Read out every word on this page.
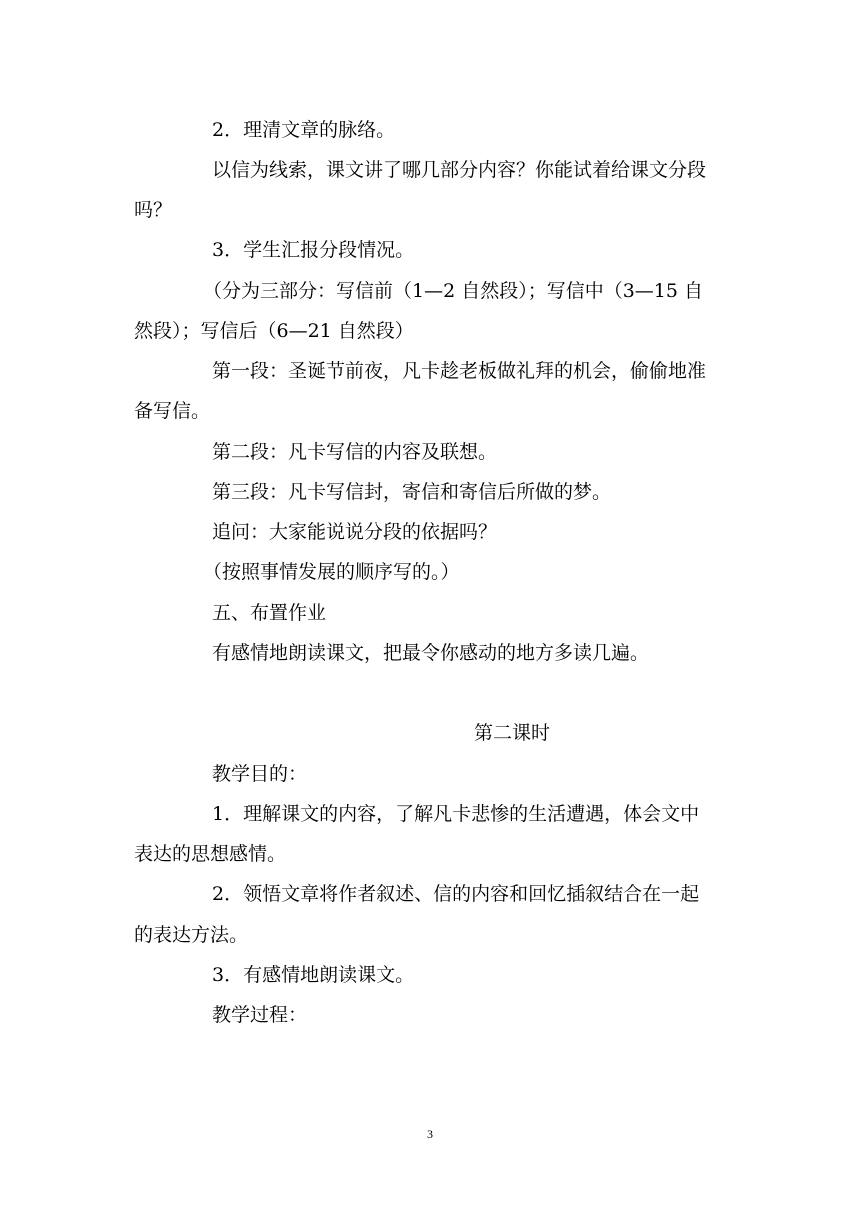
2．理清文章的脉络。
以信为线索，课文讲了哪几部分内容？你能试着给课文分段
吗？
3．学生汇报分段情况。
（分为三部分：写信前（1—2 自然段）；写信中（3—15 自
然段）；写信后（6—21 自然段）
第一段：圣诞节前夜，凡卡趁老板做礼拜的机会，偷偷地准
备写信。
第二段：凡卡写信的内容及联想。
第三段：凡卡写信封，寄信和寄信后所做的梦。
追问：大家能说说分段的依据吗？
（按照事情发展的顺序写的。）
五、布置作业
有感情地朗读课文，把最令你感动的地方多读几遍。
第二课时
教学目的：
1．理解课文的内容，了解凡卡悲惨的生活遭遇，体会文中
表达的思想感情。
2．领悟文章将作者叙述、信的内容和回忆插叙结合在一起
的表达方法。
3．有感情地朗读课文。
教学过程：
3
